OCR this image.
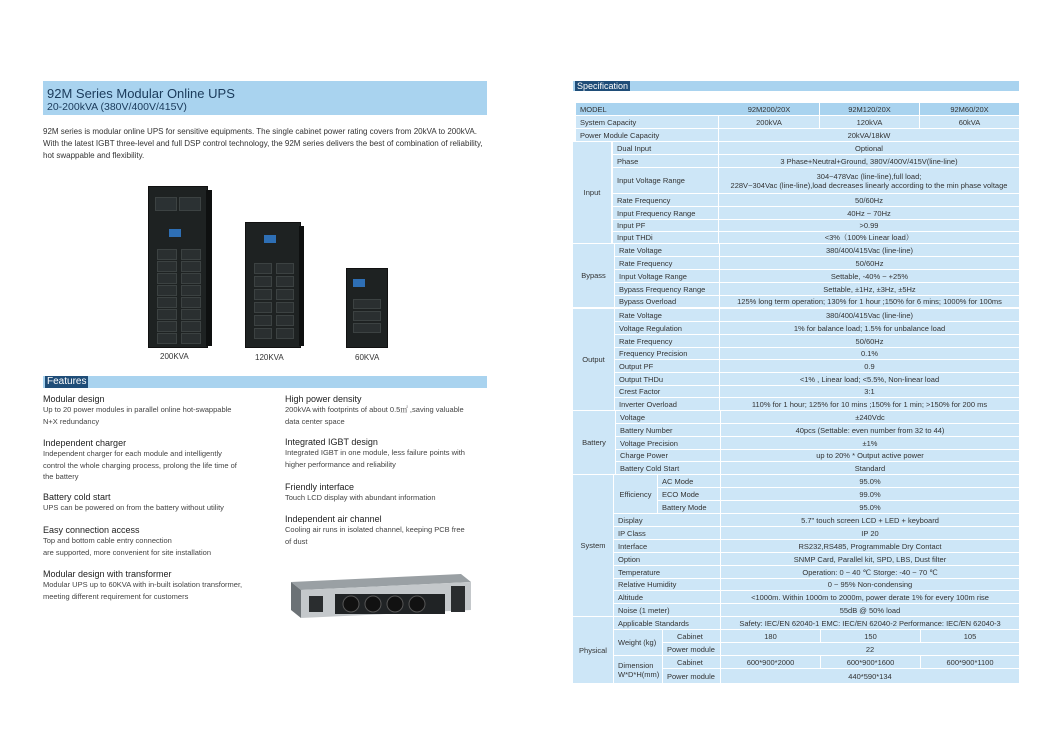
92M Series Modular Online UPS
20-200kVA (380V/400V/415V)
92M series is modular online UPS for sensitive equipments. The single cabinet power rating covers from 20kVA to 200kVA.
With the latest IGBT three-level and full DSP control technology, the 92M series delivers the best of combination of reliability,
hot swappable and flexibility.
200KVA	120KVA	60KVA
Features
Modular design
Up to 20 power modules in parallel online hot-swappable
N+X redundancy
Independent charger
Independent charger for each module and intelligently
control the whole charging process, prolong the life time of
the battery
Battery cold start
UPS can be powered on from the battery without utility
Easy connection access
Top and bottom cable entry connection
are supported, more convenient for site installation
Modular design with transformer
Modular UPS up to 60KVA with in-built isolation transformer,
meeting different requirement for customers
High power density
200kVA with footprints of about 0.5㎡ ,saving valuable
data center space
Integrated IGBT design
Integrated IGBT in one module, less failure points with
higher performance and reliability
Friendly interface
Touch LCD display with abundant information
Independent air channel
Cooling air runs in isolated channel, keeping PCB free
of dust
Specification
MODEL	92M200/20X	92M120/20X	92M60/20X
System Capacity	200kVA	120kVA	60kVA
Power Module Capacity	20kVA/18kW
Input
Dual Input	Optional
Phase	3 Phase+Neutral+Ground, 380V/400V/415V(line-line)
Input Voltage Range	304~478Vac (line-line),full load;
228V~304Vac (line-line),load decreases linearly according to the min phase voltage
Rate Frequency	50/60Hz
Input Frequency Range	40Hz ~ 70Hz
Input PF	>0.99
Input THDi	<3%（100% Linear load）
Bypass
Rate Voltage	380/400/415Vac (line-line)
Rate Frequency	50/60Hz
Input Voltage Range	Settable, -40% ~ +25%
Bypass Frequency Range	Settable, ±1Hz, ±3Hz, ±5Hz
Bypass Overload	125% long term operation; 130% for 1 hour ;150% for 6 mins; 1000% for 100ms
Output
Rate Voltage	380/400/415Vac (line-line)
Voltage Regulation	1% for balance load; 1.5% for unbalance load
Rate Frequency	50/60Hz
Frequency Precision	0.1%
Output PF	0.9
Output THDu	<1% , Linear load; <5.5%, Non-linear load
Crest Factor	3:1
Inverter Overload	110% for 1 hour; 125% for 10 mins ;150% for 1 min; >150% for 200 ms
Battery
Voltage	±240Vdc
Battery Number	40pcs (Settable: even number from 32 to 44)
Voltage Precision	±1%
Charge Power	up to 20% * Output active power
Battery Cold Start	Standard
System
Efficiency
AC Mode	95.0%
ECO Mode	99.0%
Battery Mode	95.0%
Display	5.7" touch screen LCD + LED + keyboard
IP Class	IP 20
Interface	RS232,RS485, Programmable Dry Contact
Option	SNMP Card, Parallel kit, SPD, LBS, Dust filter
Temperature	Operation: 0 ~ 40 ℃ Storge: -40 ~ 70 ℃
Relative Humidity	0 ~ 95% Non-condensing
Altitude	<1000m. Within 1000m to 2000m, power derate 1% for every 100m rise
Noise (1 meter)	55dB @ 50% load
Physical
Applicable Standards	Safety: IEC/EN 62040-1 EMC: IEC/EN 62040-2 Performance: IEC/EN 62040-3
Weight (kg)
Cabinet	180	150	105
Power module	22
Dimension
W*D*H(mm)
Cabinet	600*900*2000	600*900*1600	600*900*1100
Power module	440*590*134
